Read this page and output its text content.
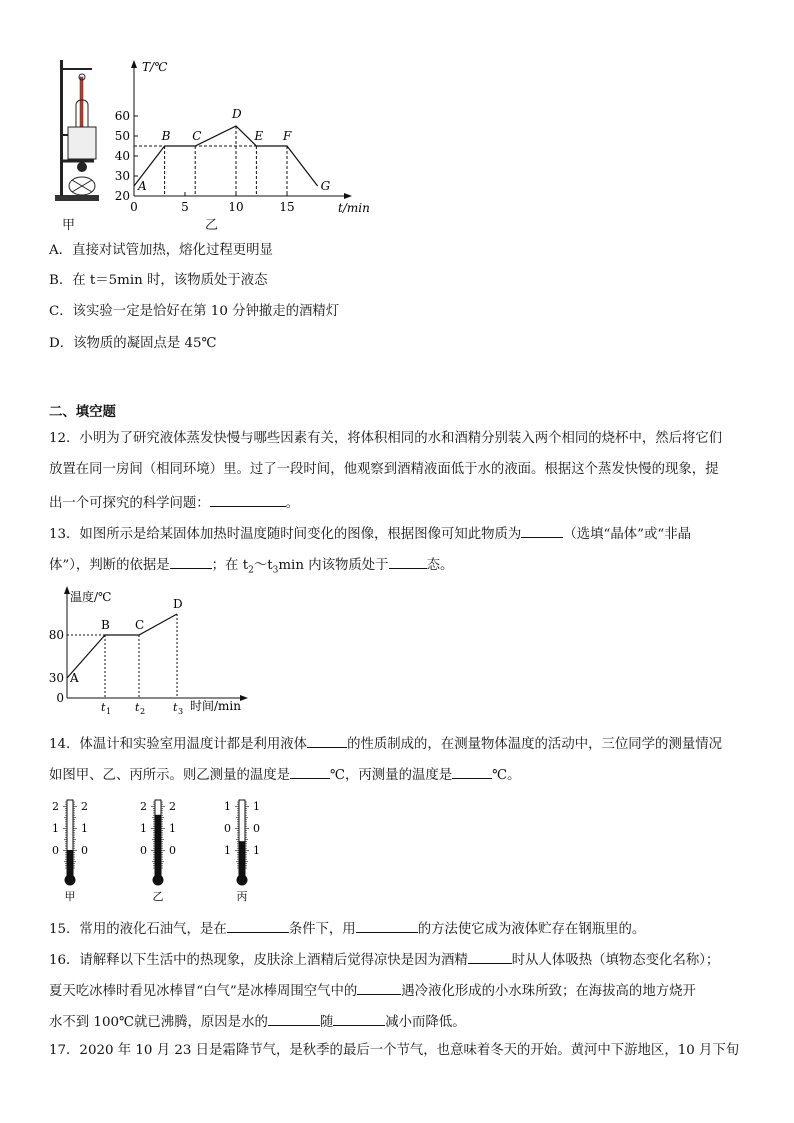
甲
T/℃
t/min
20
30
40
50
60
0	5	10	15
A
B C
D
E F
G
乙
A．直接对试管加热，熔化过程更明显
B．在 t＝5min 时，该物质处于液态
C．该实验一定是恰好在第 10 分钟撤走的酒精灯
D．该物质的凝固点是 45℃
二、填空题
12．小明为了研究液体蒸发快慢与哪些因素有关，将体积相同的水和酒精分别装入两个相同的烧杯中，然后将它们
放置在同一房间（相同环境）里。过了一段时间，他观察到酒精液面低于水的液面。根据这个蒸发快慢的现象，提
出一个可探究的科学问题：	。
13．如图所示是给某固体加热时温度随时间变化的图像，根据图像可知此物质为	（选填“晶体”或“非晶
体”），判断的依据是	；在 $t_2\sim t_3\min$ 内该物质处于	态。
温度/℃
时间/min
0
30
80
t 1 t 2	t 3
A
B C
D
14．体温计和实验室用温度计都是利用液体	的性质制成的，在测量物体温度的活动中，三位同学的测量情况
如图甲、乙、丙所示。则乙测量的温度是	℃，丙测量的温度是	℃。
2 2
1 1
0 0
甲
2 2
1 1
0 0
乙
1 1
0 0
1 1
丙
15．常用的液化石油气，是在	条件下，用	的方法使它成为液体贮存在钢瓶里的。
16．请解释以下生活中的热现象，皮肤涂上酒精后觉得凉快是因为酒精	时从人体吸热（填物态变化名称）；
夏天吃冰棒时看见冰棒冒“白气”是冰棒周围空气中的	遇冷液化形成的小水珠所致；在海拔高的地方烧开
水不到 100℃就已沸腾，原因是水的	随	减小而降低。
17．2020 年 10 月 23 日是霜降节气，是秋季的最后一个节气，也意味着冬天的开始。黄河中下游地区，10 月下旬
